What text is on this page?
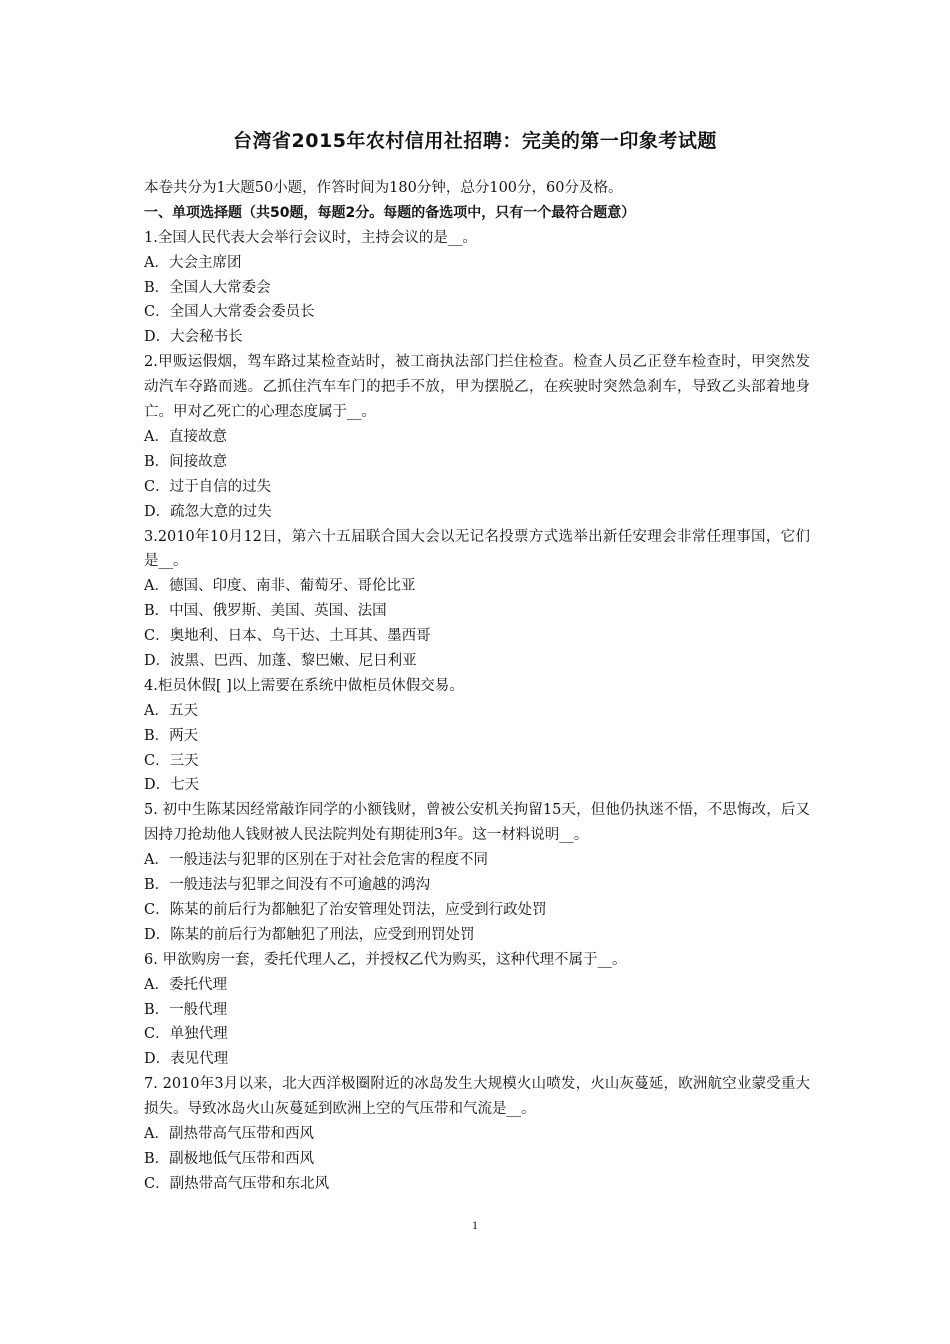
台湾省2015年农村信用社招聘：完美的第一印象考试题
本卷共分为1大题50小题，作答时间为180分钟，总分100分，60分及格。
一、单项选择题（共50题，每题2分。每题的备选项中，只有一个最符合题意）
1.全国人民代表大会举行会议时，主持会议的是__。
A．大会主席团
B．全国人大常委会
C．全国人大常委会委员长
D．大会秘书长
2.甲贩运假烟，驾车路过某检查站时，被工商执法部门拦住检查。检查人员乙正登车检查时，甲突然发动汽车夺路而逃。乙抓住汽车车门的把手不放，甲为摆脱乙，在疾驶时突然急刹车，导致乙头部着地身亡。甲对乙死亡的心理态度属于__。
A．直接故意
B．间接故意
C．过于自信的过失
D．疏忽大意的过失
3.2010年10月12日，第六十五届联合国大会以无记名投票方式选举出新任安理会非常任理事国，它们是__。
A．德国、印度、南非、葡萄牙、哥伦比亚
B．中国、俄罗斯、美国、英国、法国
C．奥地利、日本、乌干达、土耳其、墨西哥
D．波黑、巴西、加蓬、黎巴嫩、尼日利亚
4.柜员休假[ ]以上需要在系统中做柜员休假交易。
A．五天
B．两天
C．三天
D．七天
5. 初中生陈某因经常敲诈同学的小额钱财，曾被公安机关拘留15天，但他仍执迷不悟，不思悔改，后又因持刀抢劫他人钱财被人民法院判处有期徒刑3年。这一材料说明__。
A．一般违法与犯罪的区别在于对社会危害的程度不同
B．一般违法与犯罪之间没有不可逾越的鸿沟
C．陈某的前后行为都触犯了治安管理处罚法，应受到行政处罚
D．陈某的前后行为都触犯了刑法，应受到刑罚处罚
6. 甲欲购房一套，委托代理人乙，并授权乙代为购买，这种代理不属于__。
A．委托代理
B．一般代理
C．单独代理
D．表见代理
7. 2010年3月以来，北大西洋极圈附近的冰岛发生大规模火山喷发，火山灰蔓延，欧洲航空业蒙受重大损失。导致冰岛火山灰蔓延到欧洲上空的气压带和气流是__。
A．副热带高气压带和西风
B．副极地低气压带和西风
C．副热带高气压带和东北风
1
